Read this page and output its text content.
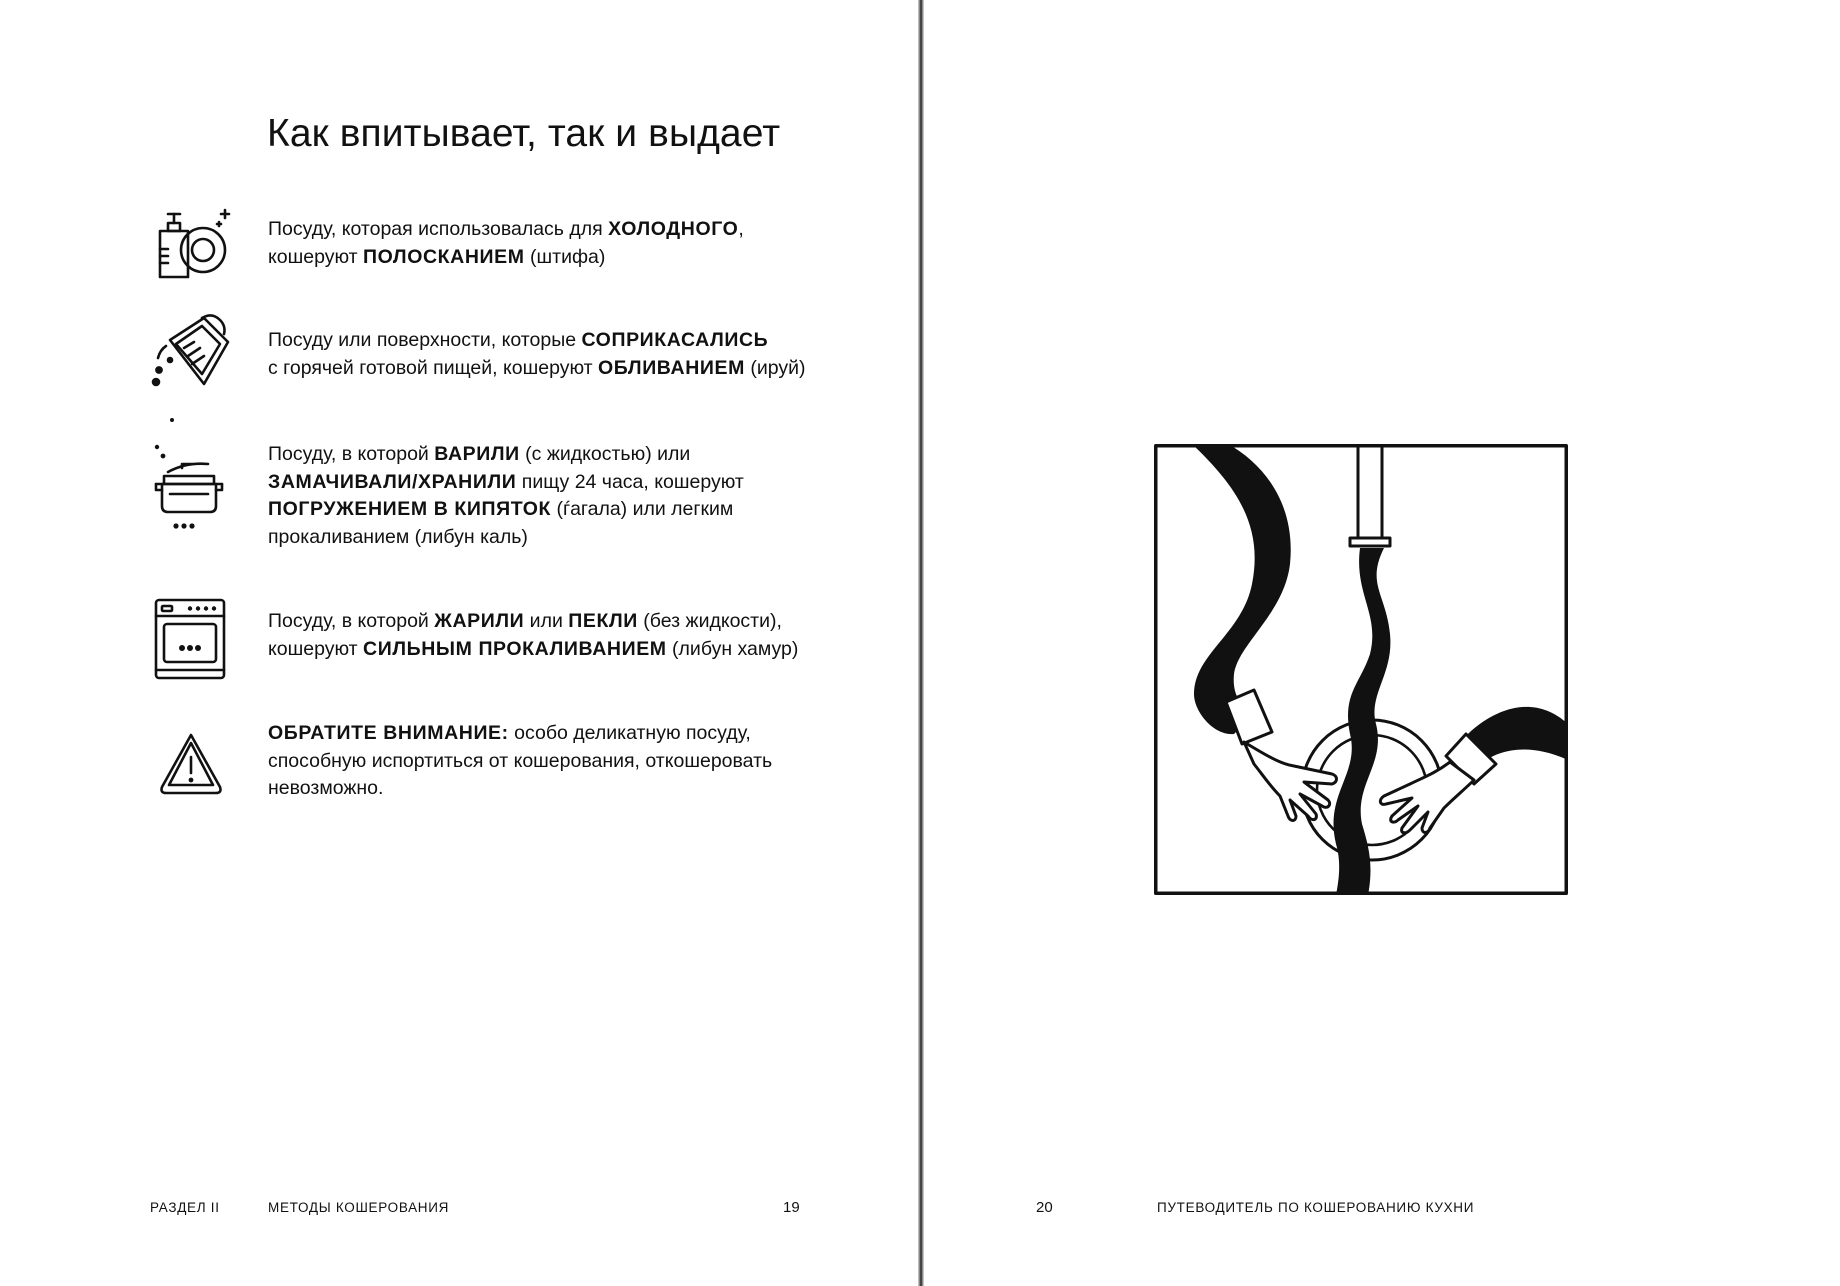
Как впитывает, так и выдает

Посуду, которая использовалась для ХОЛОДНОГО,
кошеруют ПОЛОСКАНИЕМ (штифа)

Посуду или поверхности, которые СОПРИКАСАЛИСЬ
с горячей готовой пищей, кошеруют ОБЛИВАНИЕМ (ируй)

Посуду, в которой ВАРИЛИ (с жидкостью) или
ЗАМАЧИВАЛИ/ХРАНИЛИ пищу 24 часа, кошеруют
ПОГРУЖЕНИЕМ В КИПЯТОК (ѓагала) или легким
прокаливанием (либун каль)

Посуду, в которой ЖАРИЛИ или ПЕКЛИ (без жидкости),
кошеруют СИЛЬНЫМ ПРОКАЛИВАНИЕМ (либун хамур)

ОБРАТИТЕ ВНИМАНИЕ: особо деликатную посуду,
способную испортиться от кошерования, откошеровать
невозможно.

РАЗДЕЛ II	МЕТОДЫ КОШЕРОВАНИЯ	19	20	ПУТЕВОДИТЕЛЬ ПО КОШЕРОВАНИЮ КУХНИ
